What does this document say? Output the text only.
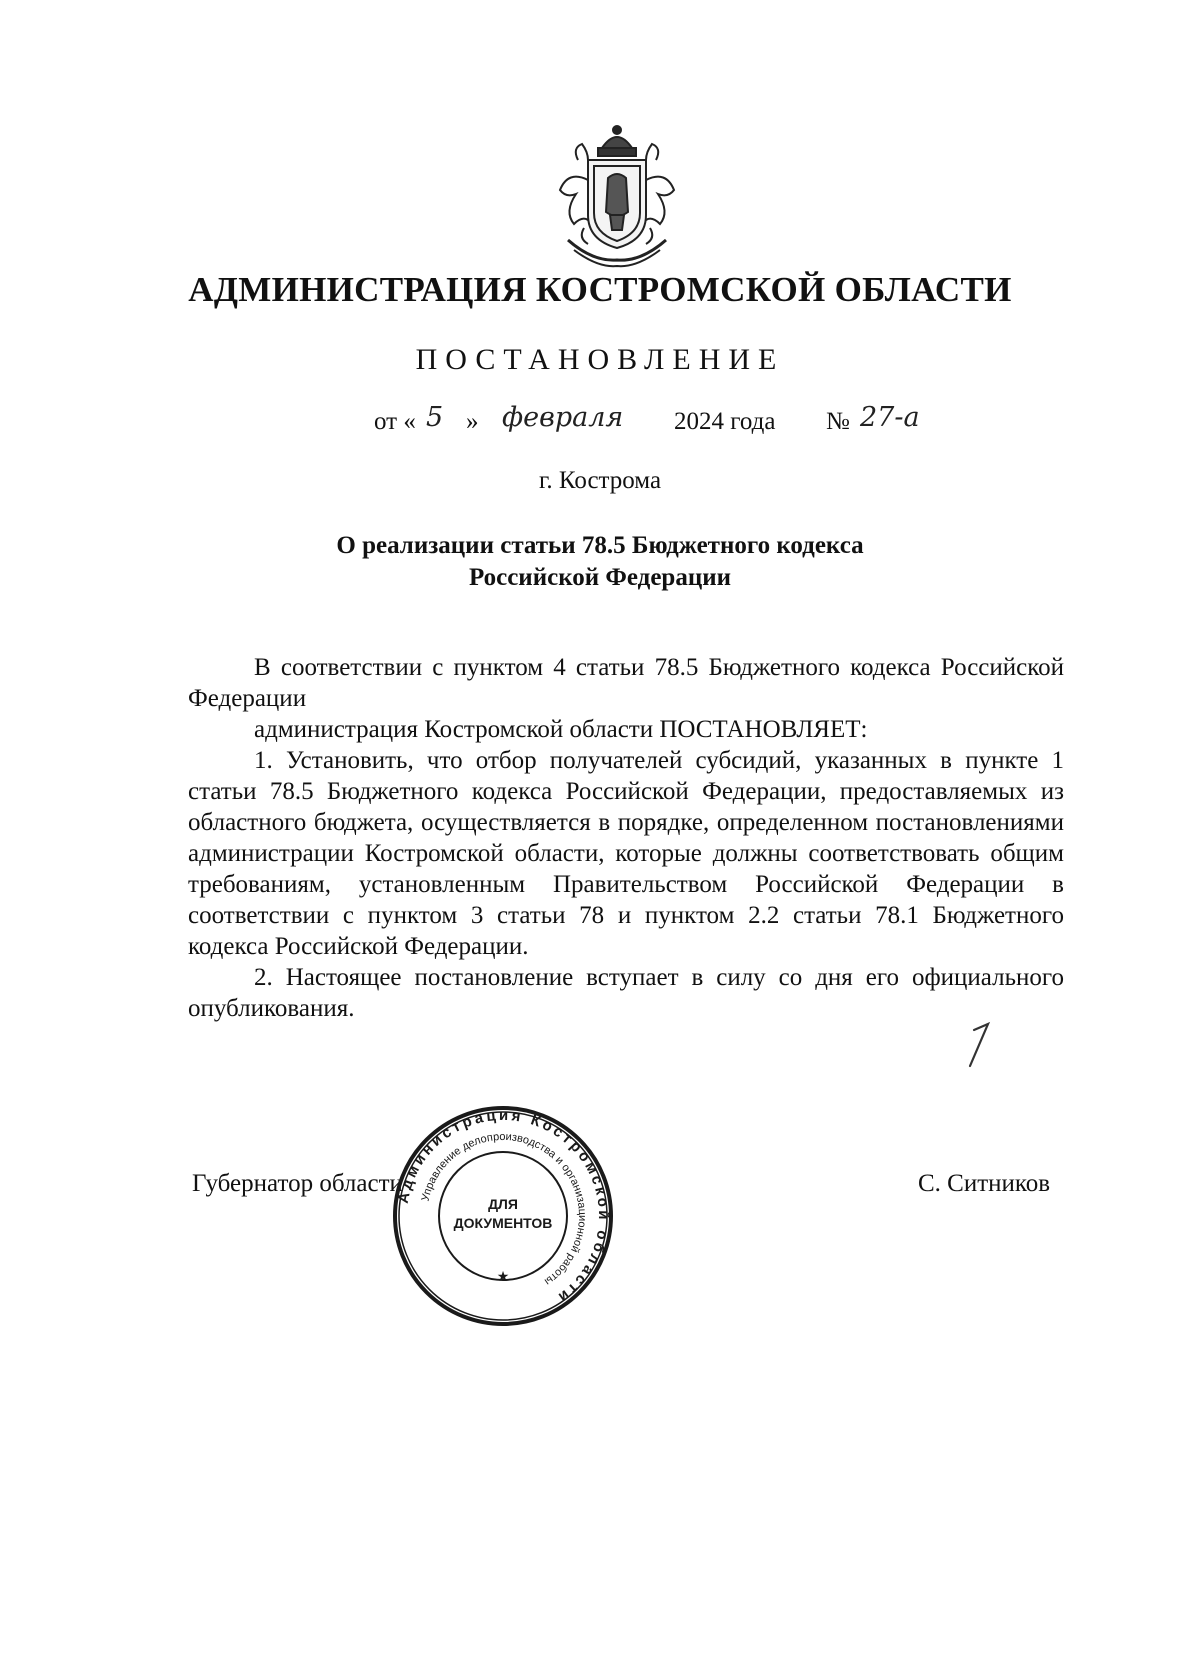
АДМИНИСТРАЦИЯ КОСТРОМСКОЙ ОБЛАСТИ
ПОСТАНОВЛЕНИЕ
от « 5 » февраля 2024 года № 27-а
г. Кострома
О реализации статьи 78.5 Бюджетного кодекса
Российской Федерации

В соответствии с пунктом 4 статьи 78.5 Бюджетного кодекса Российской Федерации

администрация Костромской области ПОСТАНОВЛЯЕТ:

1. Установить, что отбор получателей субсидий, указанных в пункте 1 статьи 78.5 Бюджетного кодекса Российской Федерации, предоставляемых из областного бюджета, осуществляется в порядке, определенном постановлениями администрации Костромской области, которые должны соответствовать общим требованиям, установленным Правительством Российской Федерации в соответствии с пунктом 3 статьи 78 и пунктом 2.2 статьи 78.1 Бюджетного кодекса Российской Федерации.

2. Настоящее постановление вступает в силу со дня его официального опубликования.

Губернатор области	С. Ситников
Администрация Костромской области
Управление делопроизводства и организационной работы
ДЛЯ
ДОКУМЕНТОВ
★
